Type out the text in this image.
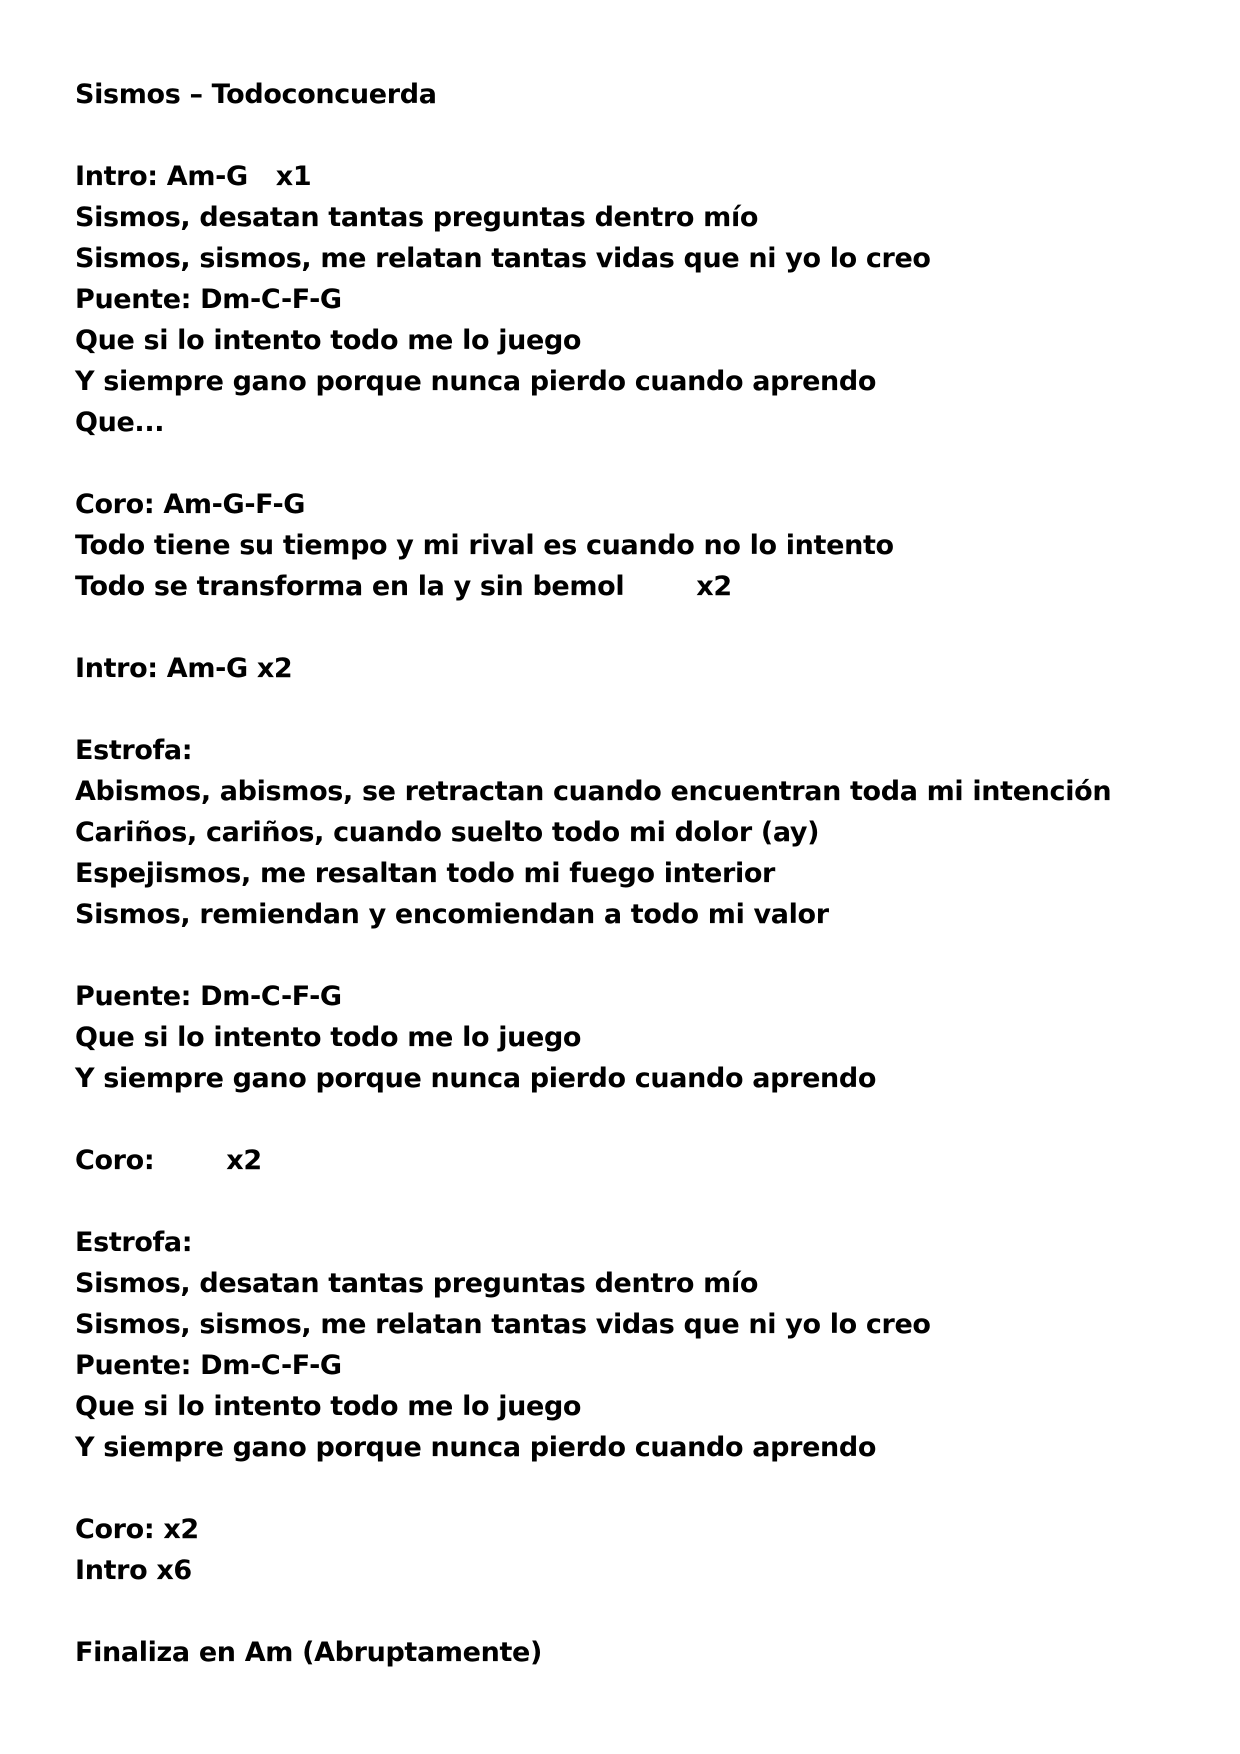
Sismos – Todoconcuerda
Intro: Am-G x1
Sismos, desatan tantas preguntas dentro mío
Sismos, sismos, me relatan tantas vidas que ni yo lo creo
Puente: Dm-C-F-G
Que si lo intento todo me lo juego
Y siempre gano porque nunca pierdo cuando aprendo
Que...
Coro: Am-G-F-G
Todo tiene su tiempo y mi rival es cuando no lo intento
Todo se transforma en la y sin bemol	x2
Intro: Am-G x2
Estrofa:
Abismos, abismos, se retractan cuando encuentran toda mi intención
Cariños, cariños, cuando suelto todo mi dolor (ay)
Espejismos, me resaltan todo mi fuego interior
Sismos, remiendan y encomiendan a todo mi valor
Puente: Dm-C-F-G
Que si lo intento todo me lo juego
Y siempre gano porque nunca pierdo cuando aprendo
Coro:	x2
Estrofa:
Sismos, desatan tantas preguntas dentro mío
Sismos, sismos, me relatan tantas vidas que ni yo lo creo
Puente: Dm-C-F-G
Que si lo intento todo me lo juego
Y siempre gano porque nunca pierdo cuando aprendo
Coro: x2
Intro x6
Finaliza en Am (Abruptamente)
